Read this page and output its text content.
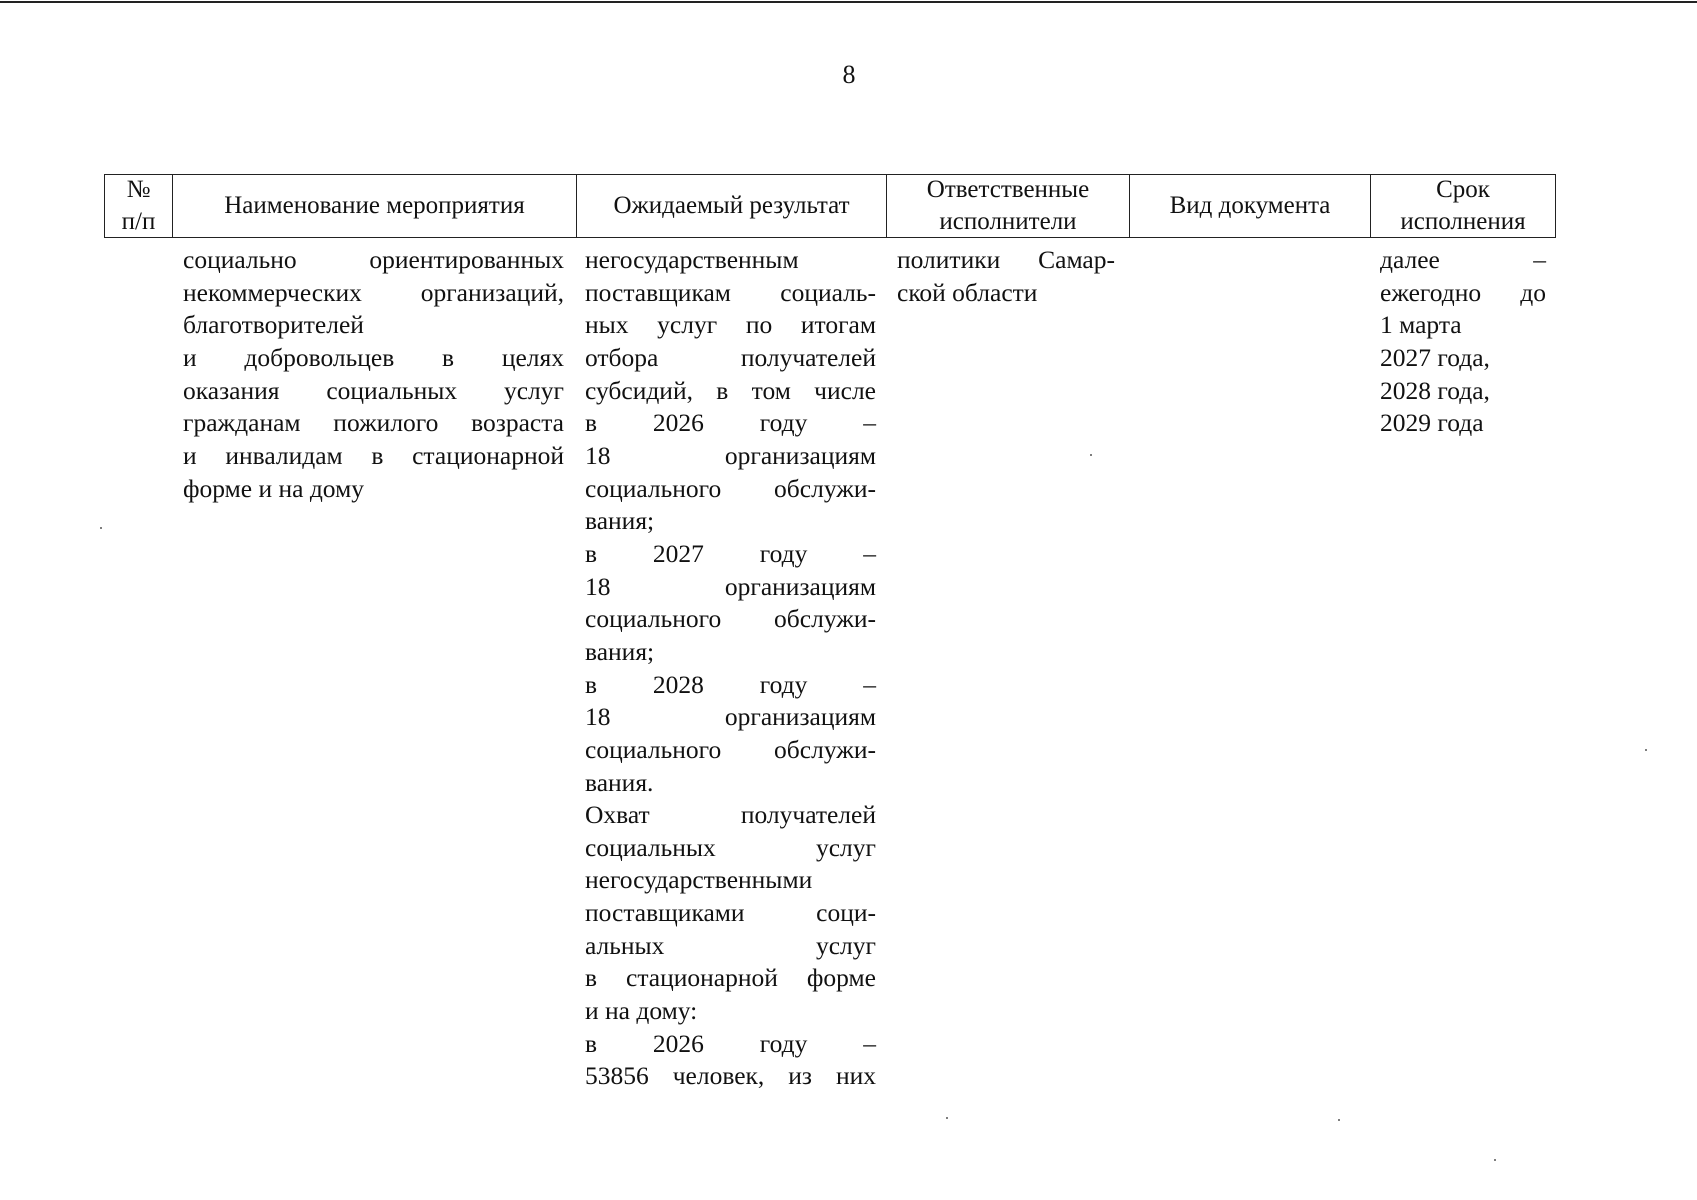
8
№
п/п
Наименование мероприятия	Ожидаемый результат
Ответственные
исполнители
Вид документа
Срок
исполнения
социально ориентированных
некоммерческих организаций,
благотворителей
и добровольцев в целях
оказания социальных услуг
гражданам пожилого возраста
и инвалидам в стационарной
форме и на дому
негосударственным
поставщикам социаль-
ных услуг по итогам
отбора получателей
субсидий, в том числе
в 2026 году –
18 организациям
социального обслужи-
вания;
в 2027 году –
18 организациям
социального обслужи-
вания;
в 2028 году –
18 организациям
социального обслужи-
вания.
Охват получателей
социальных услуг
негосударственными
поставщиками соци-
альных услуг
в стационарной форме
и на дому:
в 2026 году –
53856 человек, из них
политики Самар-
ской области
далее –
ежегодно до
1 марта
2027 года,
2028 года,
2029 года
